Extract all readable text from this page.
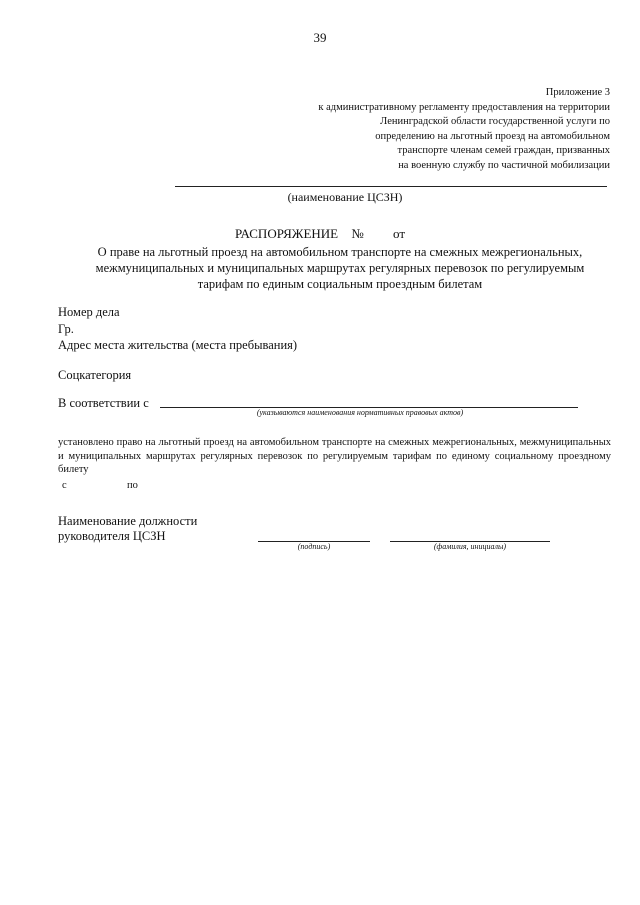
39
Приложение 3
к административному регламенту предоставления на территории
Ленинградской области государственной услуги по
определению на льготный проезд на автомобильном
транспорте членам семей граждан, призванных
на военную службу по частичной мобилизации
(наименование ЦСЗН)
РАСПОРЯЖЕНИЕ № от
О праве на льготный проезд на автомобильном транспорте на смежных межрегиональных,
межмуниципальных и муниципальных маршрутах регулярных перевозок по регулируемым
тарифам по единым социальным проездным билетам
Номер дела
Гр.
Адрес места жительства (места пребывания)
Соцкатегория
В соответствии с
(указываются наименования нормативных правовых актов)
установлено право на льготный проезд на автомобильном транспорте на смежных межрегиональных, межмуниципальных и муниципальных маршрутах регулярных перевозок по регулируемым тарифам по единому социальному проездному билету
с	по
Наименование должности
руководителя ЦСЗН
(подпись)	(фамилия, инициалы)
